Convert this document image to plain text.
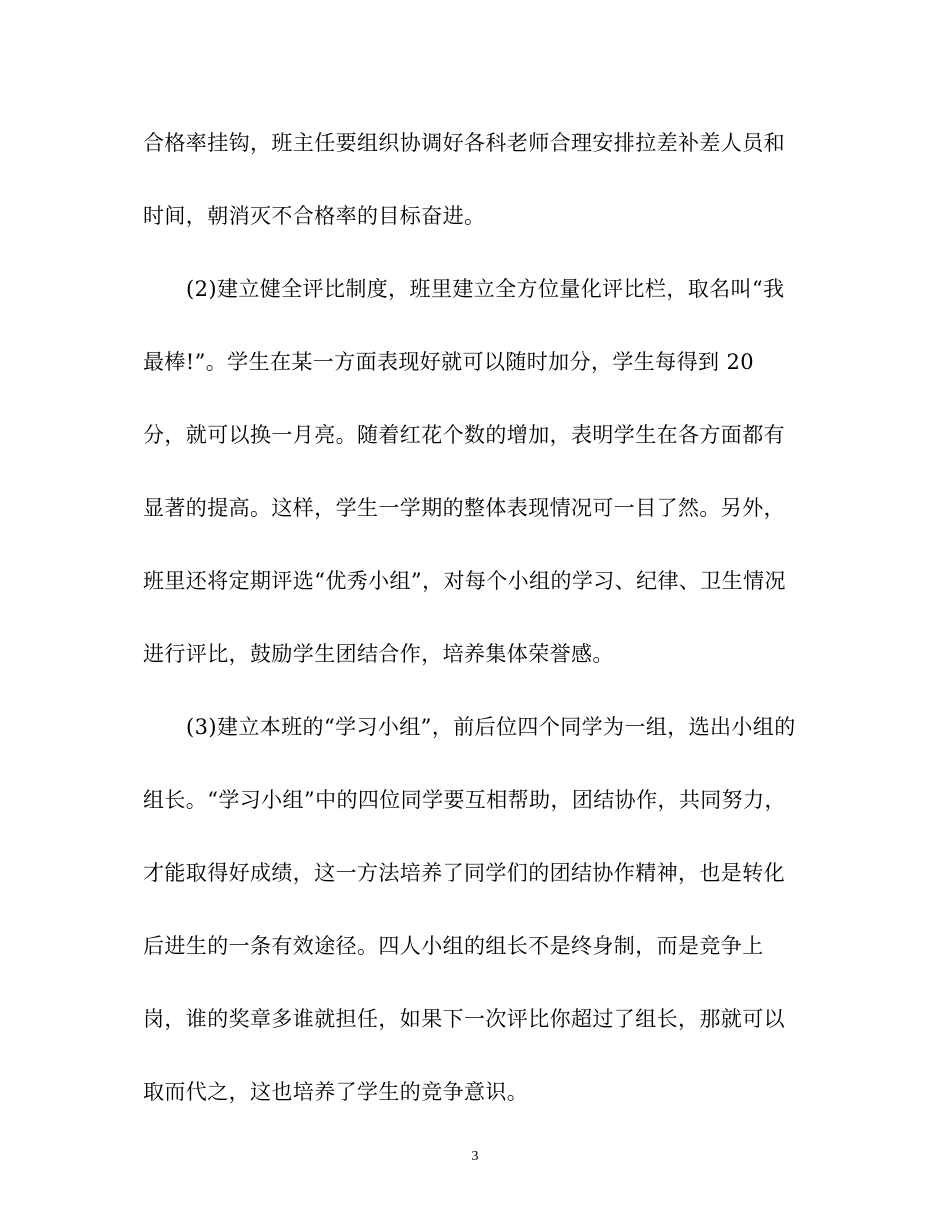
合格率挂钩，班主任要组织协调好各科老师合理安排拉差补差人员和
时间，朝消灭不合格率的目标奋进。
(2)建立健全评比制度，班里建立全方位量化评比栏，取名叫“我
最棒!”。学生在某一方面表现好就可以随时加分，学生每得到 20
分，就可以换一月亮。随着红花个数的增加，表明学生在各方面都有
显著的提高。这样，学生一学期的整体表现情况可一目了然。另外，
班里还将定期评选“优秀小组”，对每个小组的学习、纪律、卫生情况
进行评比，鼓励学生团结合作，培养集体荣誉感。
(3)建立本班的“学习小组”，前后位四个同学为一组，选出小组的
组长。“学习小组”中的四位同学要互相帮助，团结协作，共同努力，
才能取得好成绩，这一方法培养了同学们的团结协作精神，也是转化
后进生的一条有效途径。四人小组的组长不是终身制，而是竞争上
岗，谁的奖章多谁就担任，如果下一次评比你超过了组长，那就可以
取而代之，这也培养了学生的竞争意识。
3
